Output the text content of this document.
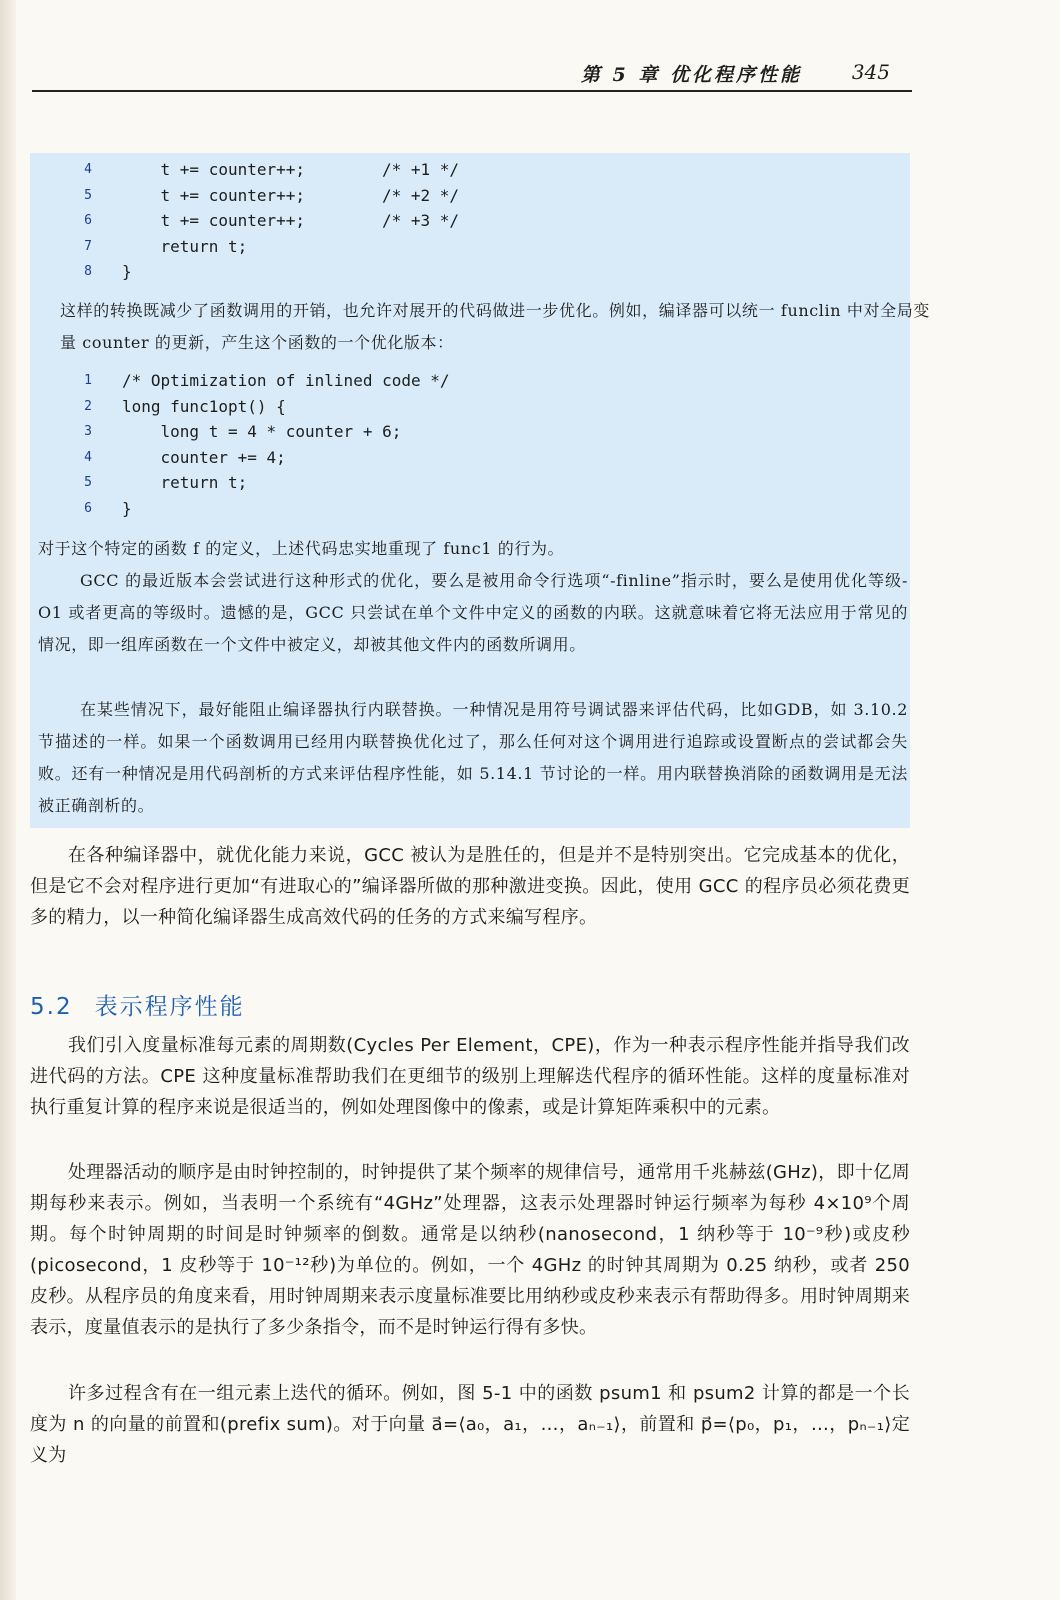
第 5 章 优化程序性能 345
4 t += counter++;	/* +1 */
5 t += counter++;	/* +2 */
6 t += counter++;	/* +3 */
7 return t;
8 }

这样的转换既减少了函数调用的开销，也允许对展开的代码做进一步优化。例如，编译器可以统一 funclin 中对全局变量 counter 的更新，产生这个函数的一个优化版本：

1 /* Optimization of inlined code */
2 long func1opt() {
3 long t = 4 * counter + 6;
4 counter += 4;
5 return t;
6 }

对于这个特定的函数 f 的定义，上述代码忠实地重现了 func1 的行为。

GCC 的最近版本会尝试进行这种形式的优化，要么是被用命令行选项“-finline”指示时，要么是使用优化等级-O1 或者更高的等级时。遗憾的是，GCC 只尝试在单个文件中定义的函数的内联。这就意味着它将无法应用于常见的情况，即一组库函数在一个文件中被定义，却被其他文件内的函数所调用。

在某些情况下，最好能阻止编译器执行内联替换。一种情况是用符号调试器来评估代码，比如GDB，如 3.10.2 节描述的一样。如果一个函数调用已经用内联替换优化过了，那么任何对这个调用进行追踪或设置断点的尝试都会失败。还有一种情况是用代码剖析的方式来评估程序性能，如 5.14.1 节讨论的一样。用内联替换消除的函数调用是无法被正确剖析的。

在各种编译器中，就优化能力来说，GCC 被认为是胜任的，但是并不是特别突出。它完成基本的优化，但是它不会对程序进行更加“有进取心的”编译器所做的那种激进变换。因此，使用 GCC 的程序员必须花费更多的精力，以一种简化编译器生成高效代码的任务的方式来编写程序。

5.2 表示程序性能

我们引入度量标准每元素的周期数(Cycles Per Element，CPE)，作为一种表示程序性能并指导我们改进代码的方法。CPE 这种度量标准帮助我们在更细节的级别上理解迭代程序的循环性能。这样的度量标准对执行重复计算的程序来说是很适当的，例如处理图像中的像素，或是计算矩阵乘积中的元素。

处理器活动的顺序是由时钟控制的，时钟提供了某个频率的规律信号，通常用千兆赫兹(GHz)，即十亿周期每秒来表示。例如，当表明一个系统有“4GHz”处理器，这表示处理器时钟运行频率为每秒 4×10⁹个周期。每个时钟周期的时间是时钟频率的倒数。通常是以纳秒(nanosecond，1 纳秒等于 10⁻⁹秒)或皮秒(picosecond，1 皮秒等于 10⁻¹²秒)为单位的。例如，一个 4GHz 的时钟其周期为 0.25 纳秒，或者 250 皮秒。从程序员的角度来看，用时钟周期来表示度量标准要比用纳秒或皮秒来表示有帮助得多。用时钟周期来表示，度量值表示的是执行了多少条指令，而不是时钟运行得有多快。

许多过程含有在一组元素上迭代的循环。例如，图 5-1 中的函数 psum1 和 psum2 计算的都是一个长度为 n 的向量的前置和(prefix sum)。对于向量 a⃗=⟨a₀，a₁，…，aₙ₋₁⟩，前置和 p⃗=⟨p₀，p₁，…，pₙ₋₁⟩定义为
